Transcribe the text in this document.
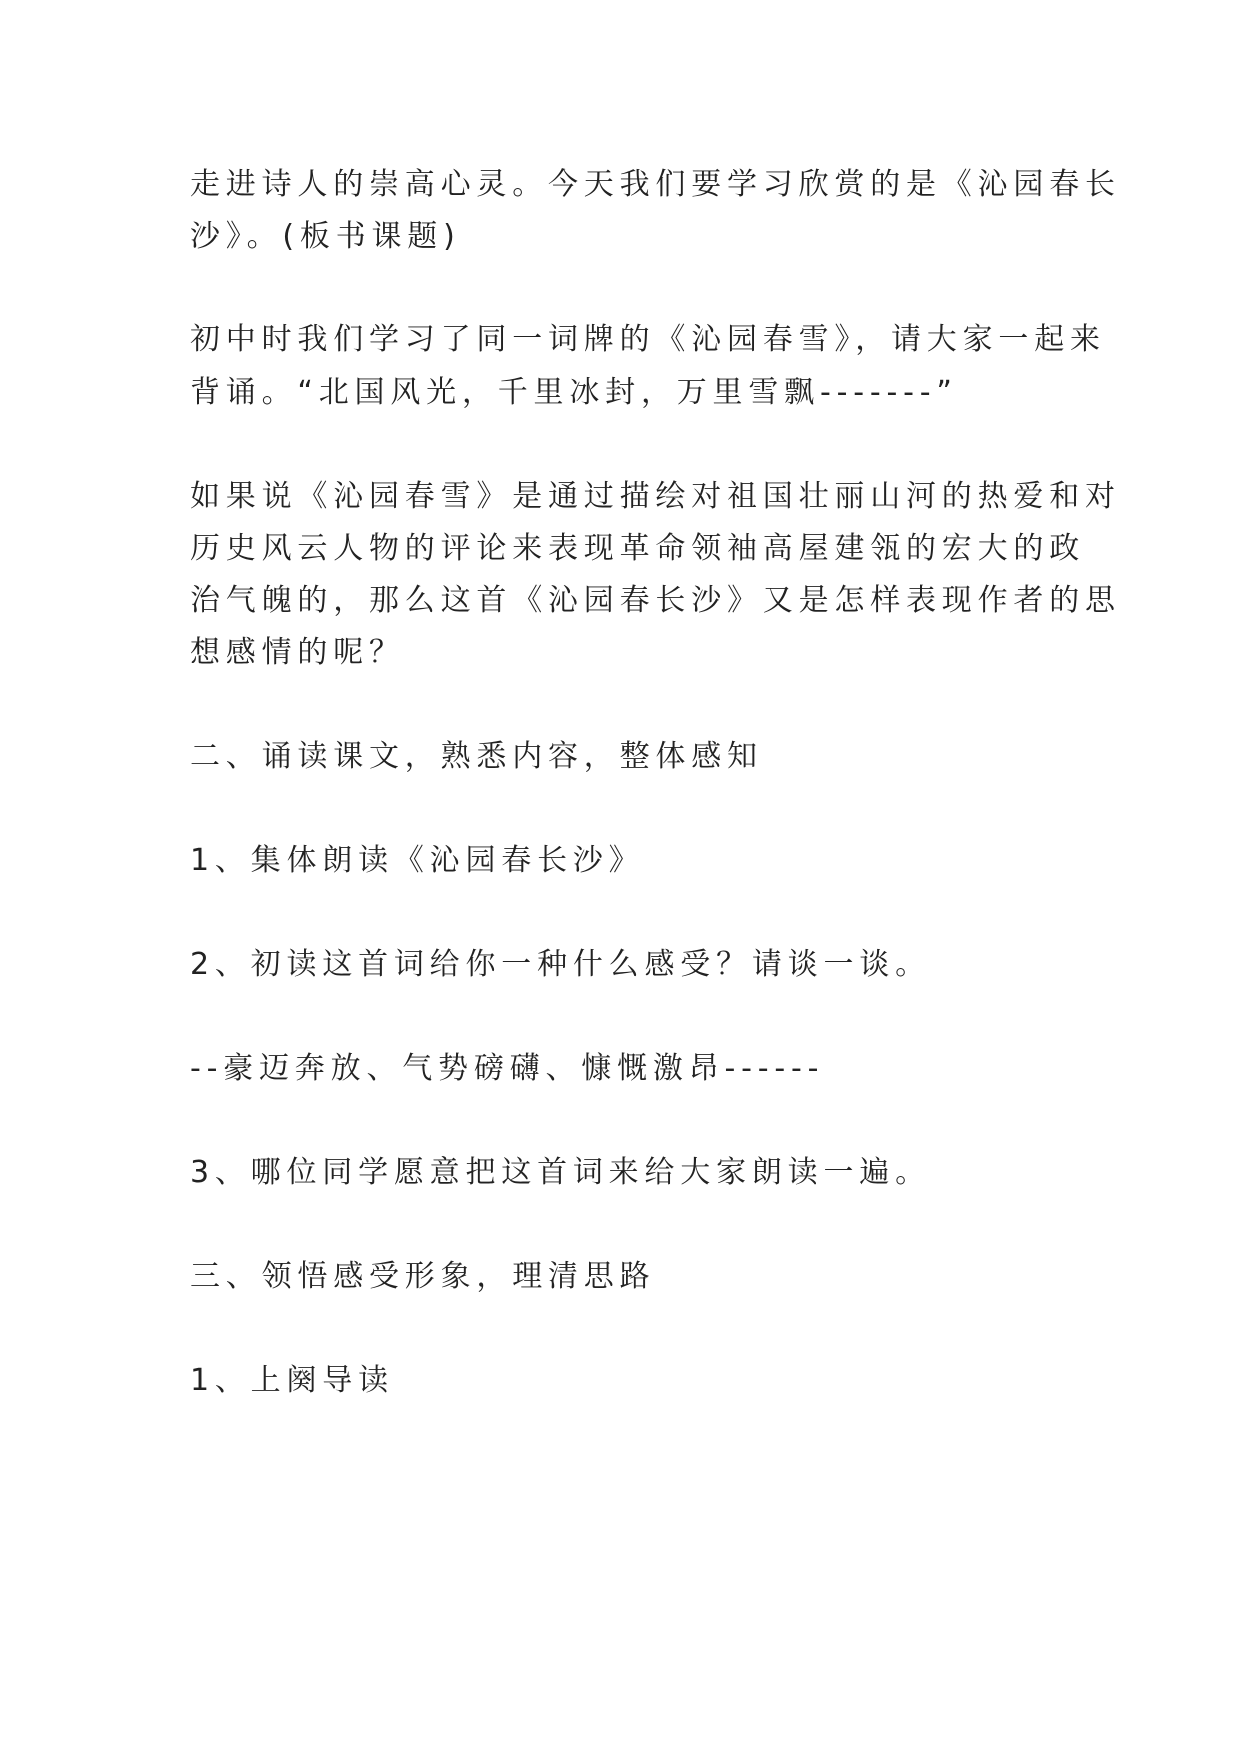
走进诗人的崇高心灵。今天我们要学习欣赏的是《沁园春长
沙》。(板书课题)
初中时我们学习了同一词牌的《沁园春雪》，请大家一起来
背诵。“北国风光，千里冰封，万里雪飘-------”
如果说《沁园春雪》是通过描绘对祖国壮丽山河的热爱和对
历史风云人物的评论来表现革命领袖高屋建瓴的宏大的政
治气魄的，那么这首《沁园春长沙》又是怎样表现作者的思
想感情的呢？
二、诵读课文，熟悉内容，整体感知
1、集体朗读《沁园春长沙》
2、初读这首词给你一种什么感受？请谈一谈。
--豪迈奔放、气势磅礴、慷慨激昂------
3、哪位同学愿意把这首词来给大家朗读一遍。
三、领悟感受形象，理清思路
1、上阕导读
